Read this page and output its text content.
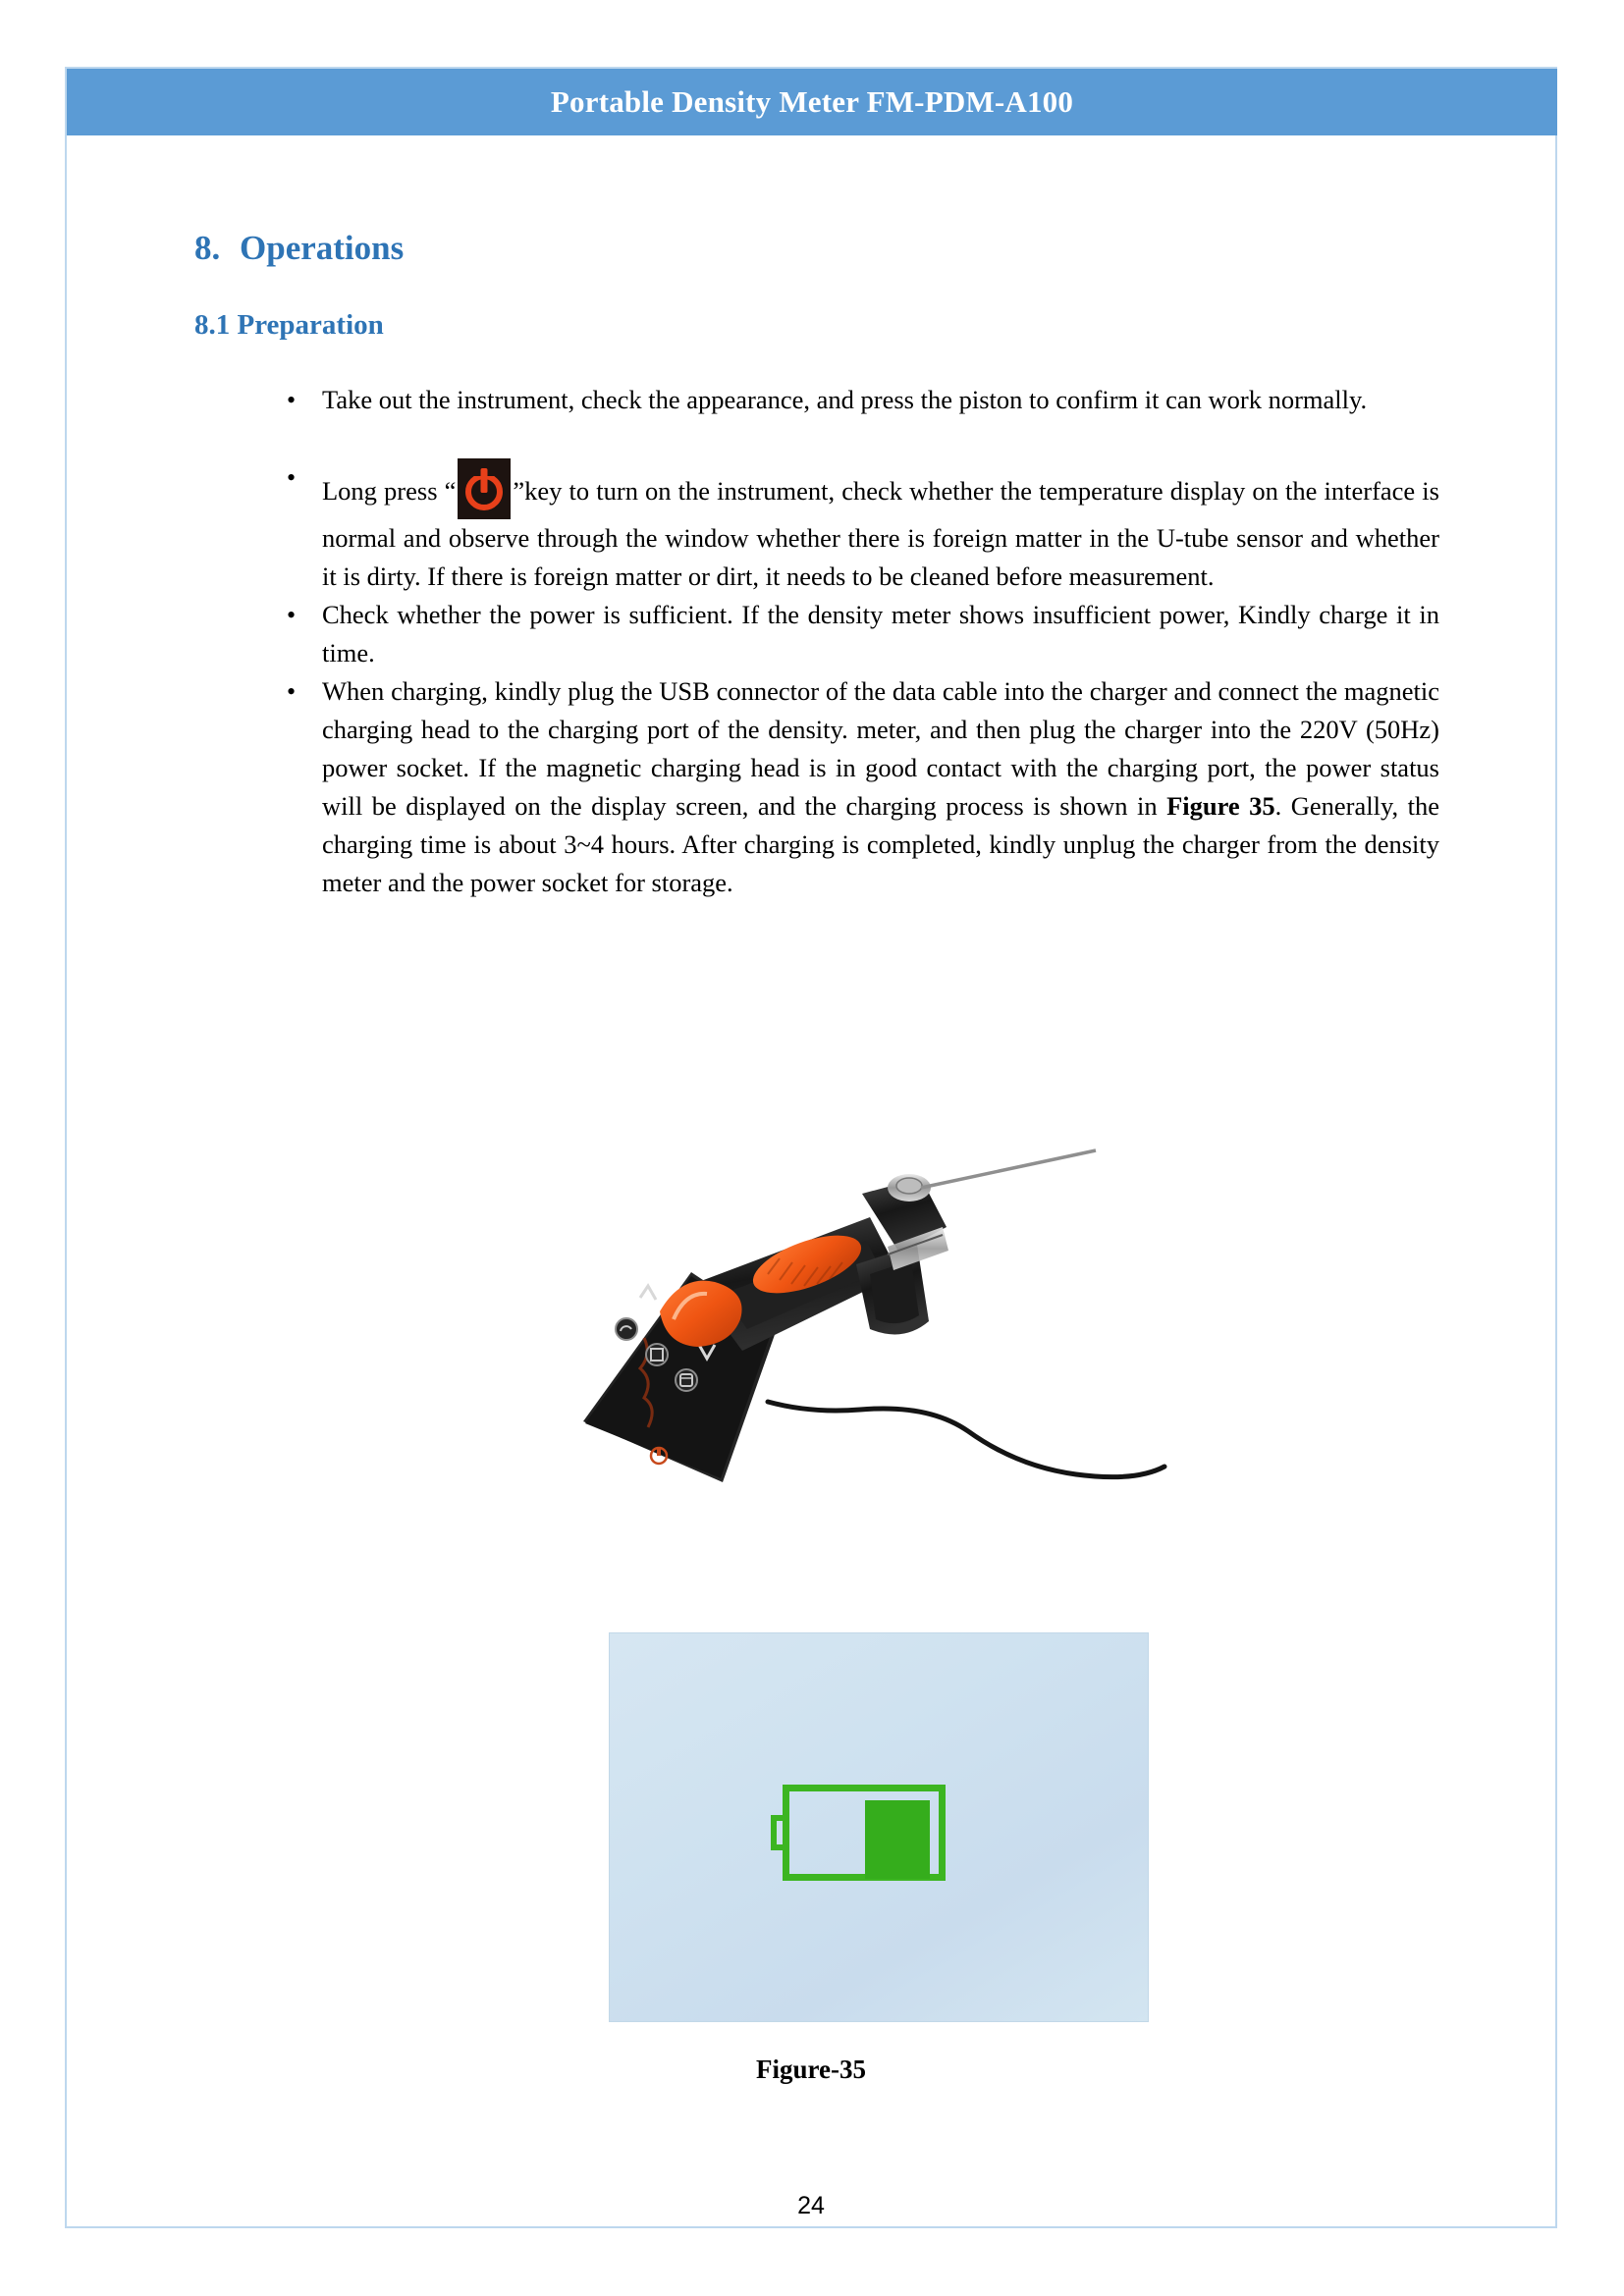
Portable Density Meter FM-PDM-A100
8. Operations
8.1 Preparation
• Take out the instrument, check the appearance, and press the piston to confirm it can work normally.
• Long press “ ”key to turn on the instrument, check whether the temperature display on the interface is normal and observe through the window whether there is foreign matter in the U-tube sensor and whether it is dirty. If there is foreign matter or dirt, it needs to be cleaned before measurement.
• Check whether the power is sufficient. If the density meter shows insufficient power, Kindly charge it in time.
• When charging, kindly plug the USB connector of the data cable into the charger and connect the magnetic charging head to the charging port of the density. meter, and then plug the charger into the 220V (50Hz) power socket. If the magnetic charging head is in good contact with the charging port, the power status will be displayed on the display screen, and the charging process is shown in Figure 35. Generally, the charging time is about 3~4 hours. After charging is completed, kindly unplug the charger from the density meter and the power socket for storage.
Figure-35
24
